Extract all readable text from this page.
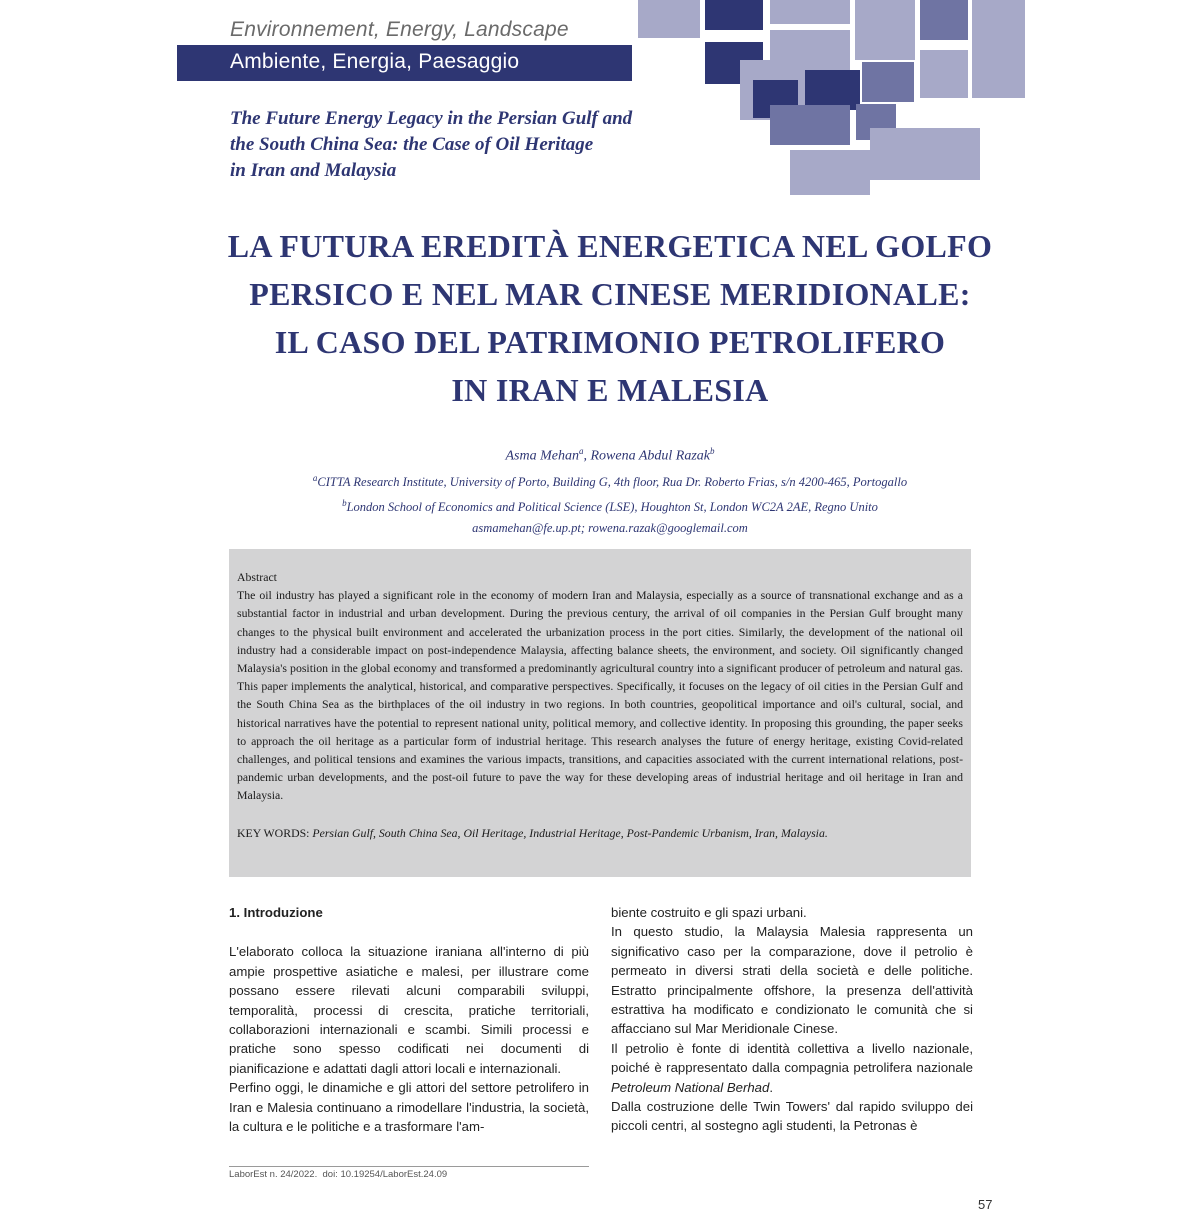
Environnement, Energy, Landscape
Ambiente, Energia, Paesaggio
The Future Energy Legacy in the Persian Gulf and
the South China Sea: the Case of Oil Heritage
in Iran and Malaysia
LA FUTURA EREDITÀ ENERGETICA NEL GOLFO
PERSICO E NEL MAR CINESE MERIDIONALE:
IL CASO DEL PATRIMONIO PETROLIFERO
IN IRAN E MALESIA
Asma Mehan$^a$, Rowena Abdul Razak$^b$
$^a$CITTA Research Institute, University of Porto, Building G, 4th floor, Rua Dr. Roberto Frias, s/n 4200-465, Portogallo
$^b$London School of Economics and Political Science (LSE), Houghton St, London WC2A 2AE, Regno Unito
asmamehan@fe.up.pt; rowena.razak@googlemail.com
Abstract
The oil industry has played a significant role in the economy of modern Iran and Malaysia, especially as a source of transnational exchange and as a substantial factor in industrial and urban development. During the previous century, the arrival of oil companies in the Persian Gulf brought many changes to the physical built environment and accelerated the urbanization process in the port cities. Similarly, the development of the national oil industry had a considerable impact on post-independence Malaysia, affecting balance sheets, the environment, and society. Oil significantly changed Malaysia's position in the global economy and transformed a predominantly agricultural country into a significant producer of petroleum and natural gas. This paper implements the analytical, historical, and comparative perspectives. Specifically, it focuses on the legacy of oil cities in the Persian Gulf and the South China Sea as the birthplaces of the oil industry in two regions. In both countries, geopolitical importance and oil's cultural, social, and historical narratives have the potential to represent national unity, political memory, and collective identity. In proposing this grounding, the paper seeks to approach the oil heritage as a particular form of industrial heritage. This research analyses the future of energy heritage, existing Covid-related challenges, and political tensions and examines the various impacts, transitions, and capacities associated with the current international relations, post-pandemic urban developments, and the post-oil future to pave the way for these developing areas of industrial heritage and oil heritage in Iran and Malaysia.
KEY WORDS: Persian Gulf, South China Sea, Oil Heritage, Industrial Heritage, Post-Pandemic Urbanism, Iran, Malaysia.

1. Introduzione

L'elaborato colloca la situazione iraniana all'interno di più ampie prospettive asiatiche e malesi, per illustrare come possano essere rilevati alcuni comparabili sviluppi, temporalità, processi di crescita, pratiche territoriali, collaborazioni internazionali e scambi. Simili processi e pratiche sono spesso codificati nei documenti di pianificazione e adattati dagli attori locali e internazionali.

Perfino oggi, le dinamiche e gli attori del settore petrolifero in Iran e Malesia continuano a rimodellare l'industria, la società, la cultura e le politiche e a trasformare l'am-

biente costruito e gli spazi urbani.

In questo studio, la Malaysia Malesia rappresenta un significativo caso per la comparazione, dove il petrolio è permeato in diversi strati della società e delle politiche. Estratto principalmente offshore, la presenza dell'attività estrattiva ha modificato e condizionato le comunità che si affacciano sul Mar Meridionale Cinese.

Il petrolio è fonte di identità collettiva a livello nazionale, poiché è rappresentato dalla compagnia petrolifera nazionale Petroleum National Berhad.

Dalla costruzione delle Twin Towers' dal rapido sviluppo dei piccoli centri, al sostegno agli studenti, la Petronas è

LaborEst n. 24/2022. doi: 10.19254/LaborEst.24.09
57
